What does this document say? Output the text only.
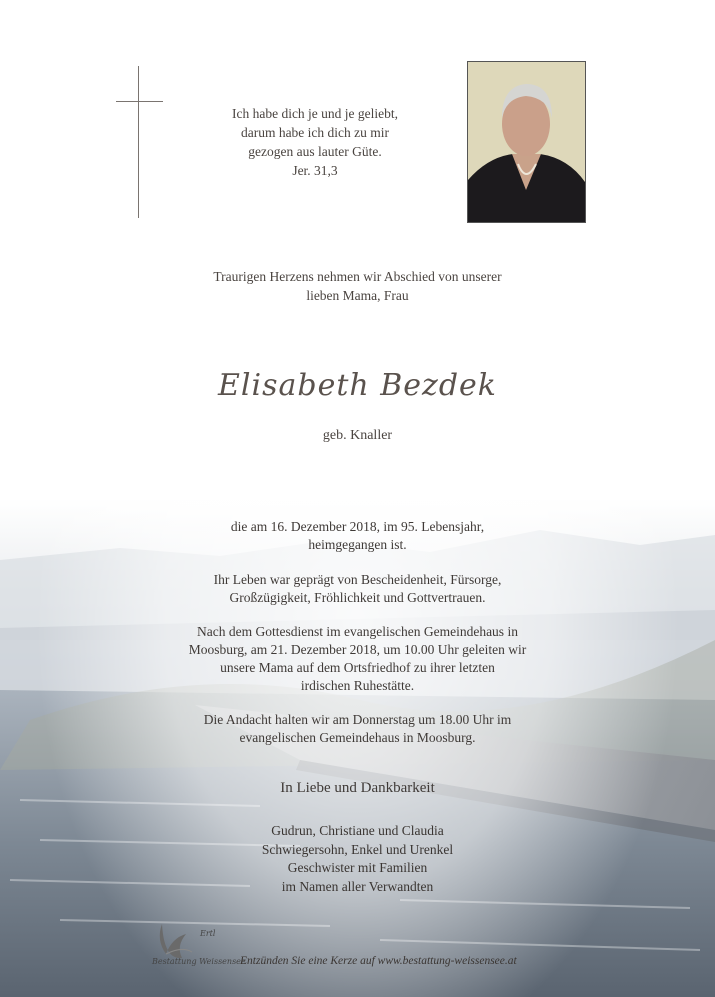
Ich habe dich je und je geliebt,
darum habe ich dich zu mir
gezogen aus lauter Güte.
Jer. 31,3
Traurigen Herzens nehmen wir Abschied von unserer
lieben Mama, Frau
Elisabeth Bezdek
geb. Knaller
die am 16. Dezember 2018, im 95. Lebensjahr,
heimgegangen ist.
Ihr Leben war geprägt von Bescheidenheit, Fürsorge,
Großzügigkeit, Fröhlichkeit und Gottvertrauen.
Nach dem Gottesdienst im evangelischen Gemeindehaus in
Moosburg, am 21. Dezember 2018, um 10.00 Uhr geleiten wir
unsere Mama auf dem Ortsfriedhof zu ihrer letzten
irdischen Ruhestätte.
Die Andacht halten wir am Donnerstag um 18.00 Uhr im
evangelischen Gemeindehaus in Moosburg.
In Liebe und Dankbarkeit
Gudrun, Christiane und Claudia
Schwiegersohn, Enkel und Urenkel
Geschwister mit Familien
im Namen aller Verwandten
Ertl
Bestattung Weissensee
Entzünden Sie eine Kerze auf www.bestattung-weissensee.at
